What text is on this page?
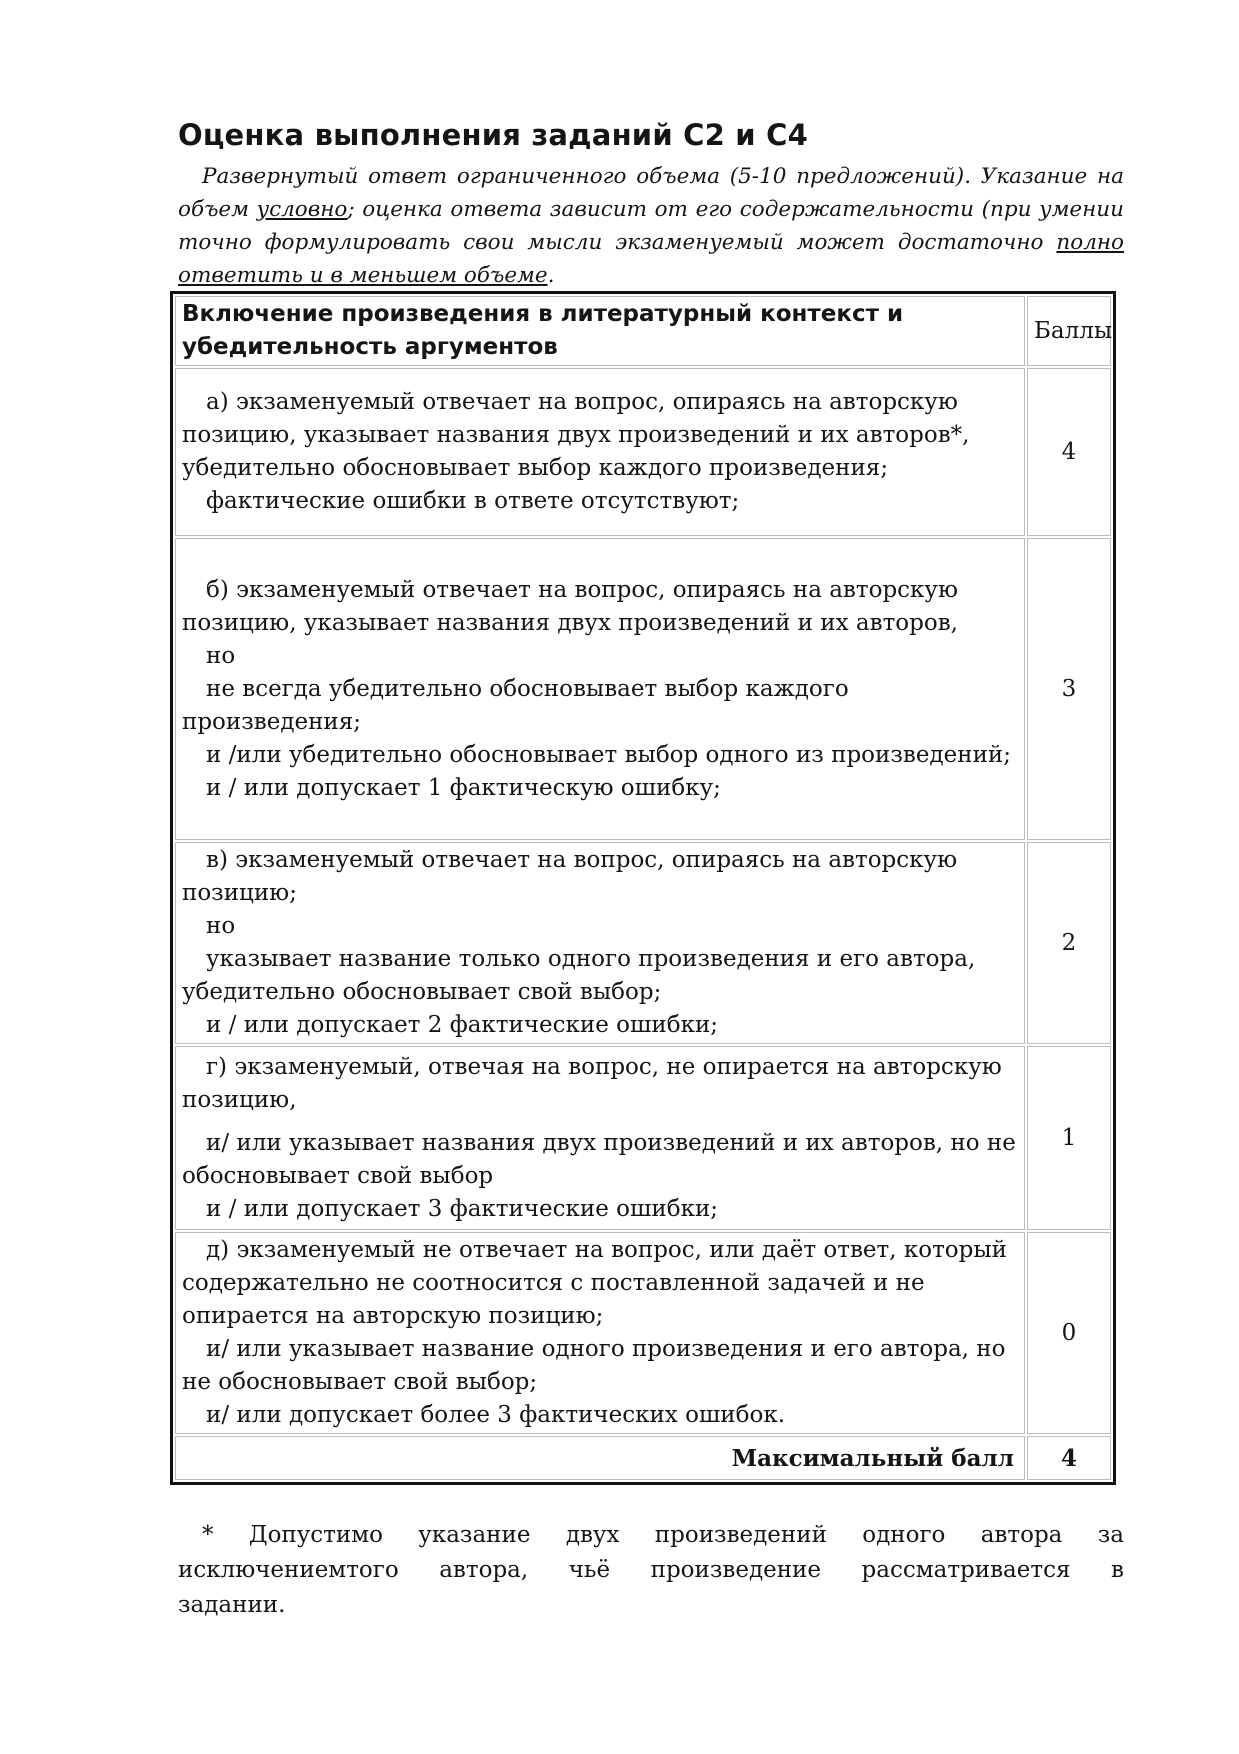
Оценка выполнения заданий С2 и С4
Развернутый ответ ограниченного объема (5-10 предложений). Указание на объем условно; оценка ответа зависит от его содержательности (при умении точно формулировать свои мысли экзаменуемый может достаточно полно ответить и в меньшем объеме.
Включение произведения в литературный контекст и убедительность аргументов	Баллы

а) экзаменуемый отвечает на вопрос, опираясь на авторскую позицию, указывает названия двух произведений и их авторов*, убедительно обосновывает выбор каждого произведения;
фактические ошибки в ответе отсутствуют;	4

б) экзаменуемый отвечает на вопрос, опираясь на авторскую позицию, указывает названия двух произведений и их авторов,
но
не всегда убедительно обосновывает выбор каждого произведения;
и /или убедительно обосновывает выбор одного из произведений;
и / или допускает 1 фактическую ошибку;	3

в) экзаменуемый отвечает на вопрос, опираясь на авторскую позицию;
но
указывает название только одного произведения и его автора, убедительно обосновывает свой выбор;
и / или допускает 2 фактические ошибки;	2

г) экзаменуемый, отвечая на вопрос, не опирается на авторскую позицию,
и/ или указывает названия двух произведений и их авторов, но не обосновывает свой выбор
и / или допускает 3 фактические ошибки;	1

д) экзаменуемый не отвечает на вопрос, или даёт ответ, который содержательно не соотносится с поставленной задачей и не опирается на авторскую позицию;
и/ или указывает название одного произведения и его автора, но не обосновывает свой выбор;
и/ или допускает более 3 фактических ошибок.	0
Максимальный балл	4
* Допустимо указание двух произведений одного автора за
исключениемтого автора, чьё произведение рассматривается в
задании.
